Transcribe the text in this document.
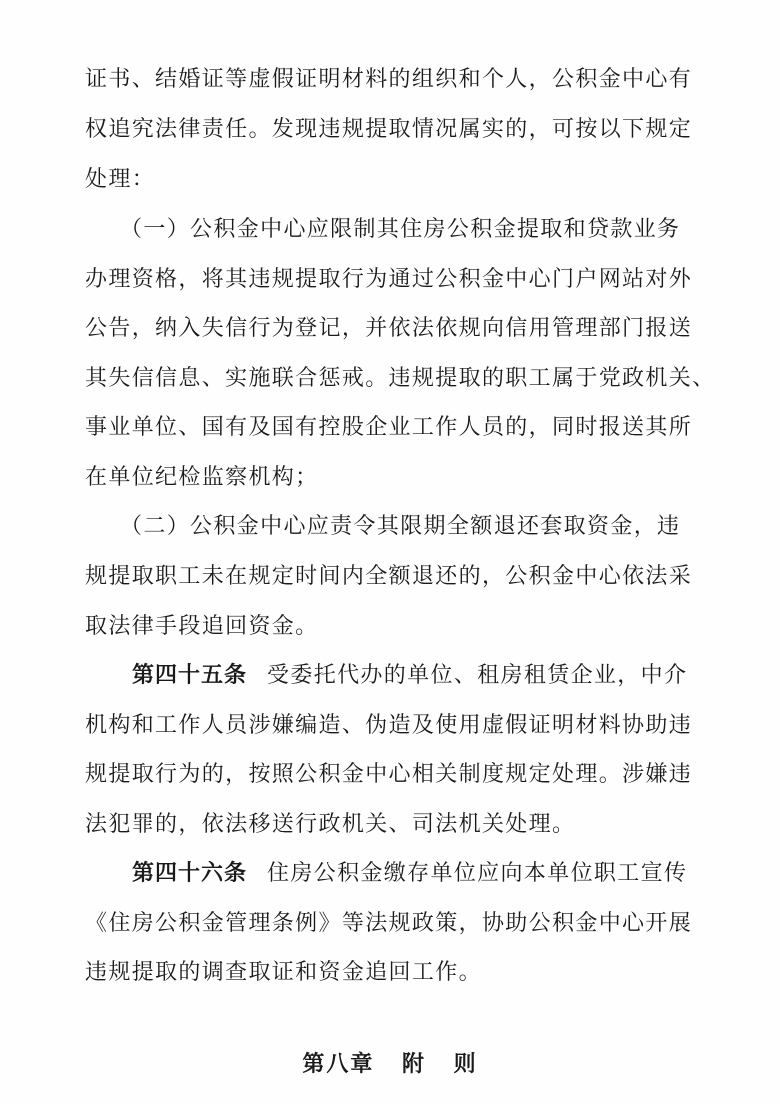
证书、结婚证等虚假证明材料的组织和个人，公积金中心有

权追究法律责任。发现违规提取情况属实的，可按以下规定

处理：

（一）公积金中心应限制其住房公积金提取和贷款业务

办理资格，将其违规提取行为通过公积金中心门户网站对外

公告，纳入失信行为登记，并依法依规向信用管理部门报送

其失信信息、实施联合惩戒。违规提取的职工属于党政机关、

事业单位、国有及国有控股企业工作人员的，同时报送其所

在单位纪检监察机构；

（二）公积金中心应责令其限期全额退还套取资金，违

规提取职工未在规定时间内全额退还的，公积金中心依法采

取法律手段追回资金。

第四十五条 受委托代办的单位、租房租赁企业，中介

机构和工作人员涉嫌编造、伪造及使用虚假证明材料协助违

规提取行为的，按照公积金中心相关制度规定处理。涉嫌违

法犯罪的，依法移送行政机关、司法机关处理。

第四十六条 住房公积金缴存单位应向本单位职工宣传

《住房公积金管理条例》等法规政策，协助公积金中心开展

违规提取的调查取证和资金追回工作。

第八章 附 则
